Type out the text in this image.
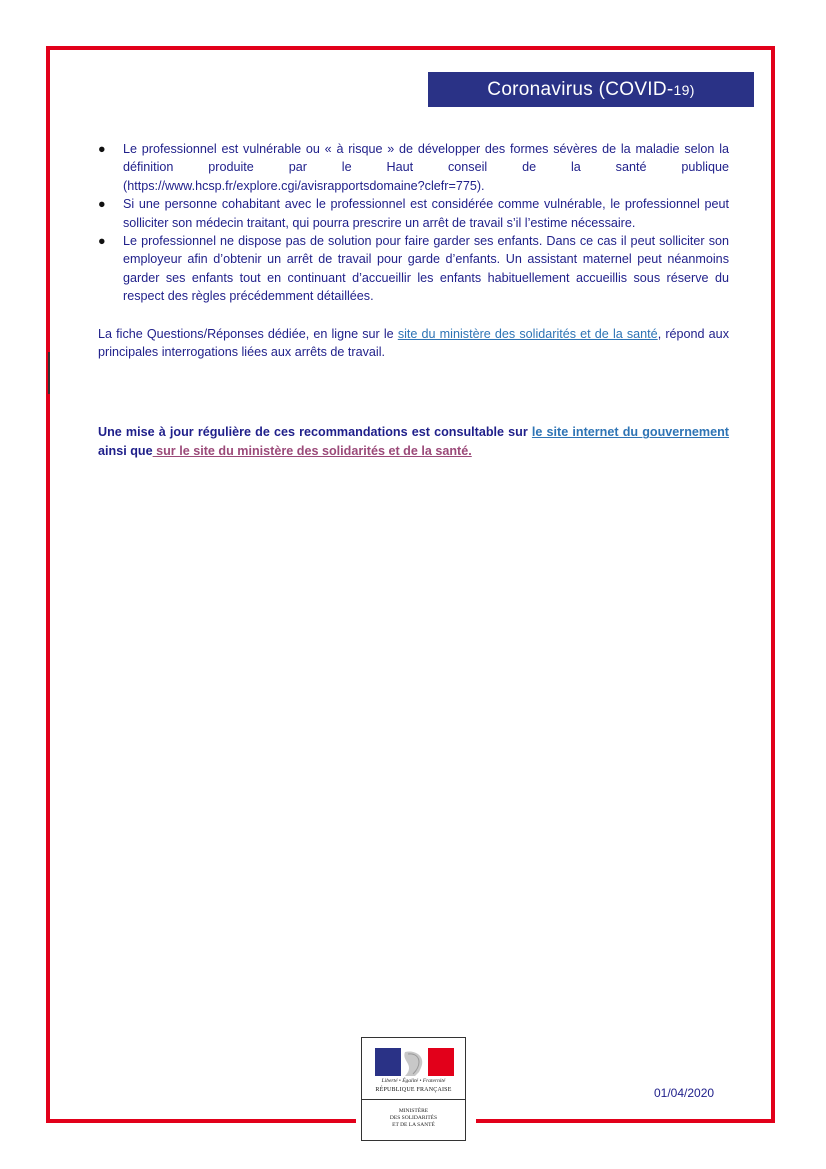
Coronavirus (COVID- 19)
● Le professionnel est vulnérable ou « à risque » de développer des formes sévères de la maladie selon la définition produite par le Haut conseil de la santé publique (https://www.hcsp.fr/explore.cgi/avisrapportsdomaine?clefr=775).
● Si une personne cohabitant avec le professionnel est considérée comme vulnérable, le professionnel peut solliciter son médecin traitant, qui pourra prescrire un arrêt de travail s’il l’estime nécessaire.
● Le professionnel ne dispose pas de solution pour faire garder ses enfants. Dans ce cas il peut solliciter son employeur afin d’obtenir un arrêt de travail pour garde d’enfants. Un assistant maternel peut néanmoins garder ses enfants tout en continuant d’accueillir les enfants habituellement accueillis sous réserve du respect des règles précédemment détaillées.

La fiche Questions/Réponses dédiée, en ligne sur le site du ministère des solidarités et de la santé, répond aux principales interrogations liées aux arrêts de travail.

Une mise à jour régulière de ces recommandations est consultable sur le site internet du gouvernement ainsi que sur le site du ministère des solidarités et de la santé.

Liberté • Égalité • Fraternité
RÉPUBLIQUE FRANÇAISE
MINISTÈRE
DES SOLIDARITÉS
ET DE LA SANTÉ
01/04/2020
